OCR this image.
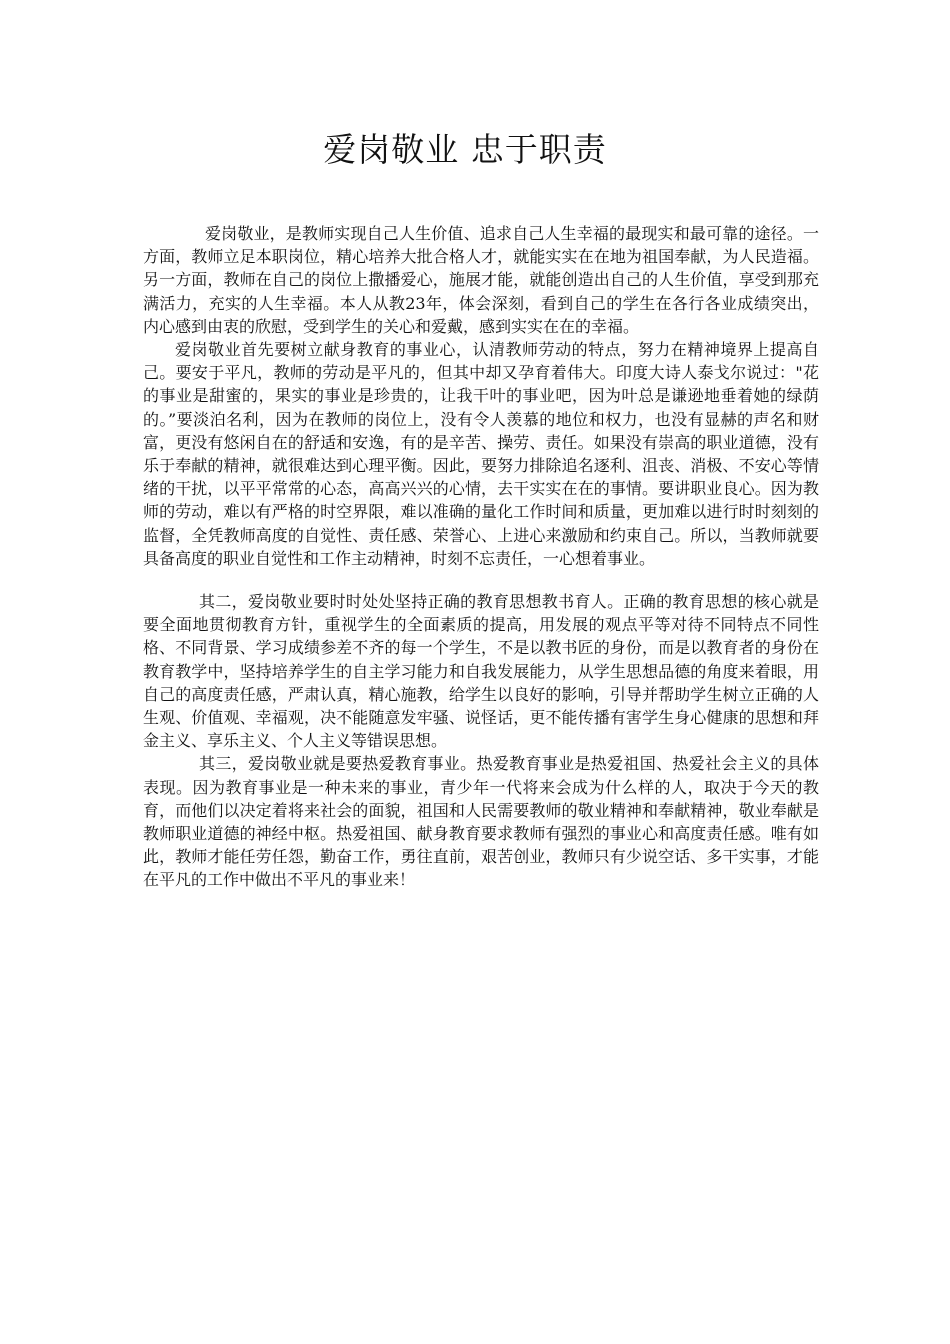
爱岗敬业 忠于职责

爱岗敬业，是教师实现自己人生价值、追求自己人生幸福的最现实和最可靠的途径。一方面，教师立足本职岗位，精心培养大批合格人才，就能实实在在地为祖国奉献，为人民造福。另一方面，教师在自己的岗位上撒播爱心，施展才能，就能创造出自己的人生价值，享受到那充满活力，充实的人生幸福。本人从教23年，体会深刻，看到自己的学生在各行各业成绩突出，内心感到由衷的欣慰，受到学生的关心和爱戴，感到实实在在的幸福。

爱岗敬业首先要树立献身教育的事业心，认清教师劳动的特点，努力在精神境界上提高自己。要安于平凡，教师的劳动是平凡的，但其中却又孕育着伟大。印度大诗人泰戈尔说过："花的事业是甜蜜的，果实的事业是珍贵的，让我干叶的事业吧，因为叶总是谦逊地垂着她的绿荫的。”要淡泊名利，因为在教师的岗位上，没有令人羡慕的地位和权力，也没有显赫的声名和财富，更没有悠闲自在的舒适和安逸，有的是辛苦、操劳、责任。如果没有崇高的职业道德，没有乐于奉献的精神，就很难达到心理平衡。因此，要努力排除追名逐利、沮丧、消极、不安心等情绪的干扰，以平平常常的心态，高高兴兴的心情，去干实实在在的事情。要讲职业良心。因为教师的劳动，难以有严格的时空界限，难以准确的量化工作时间和质量，更加难以进行时时刻刻的监督，全凭教师高度的自觉性、责任感、荣誉心、上进心来激励和约束自己。所以，当教师就要具备高度的职业自觉性和工作主动精神，时刻不忘责任，一心想着事业。

其二，爱岗敬业要时时处处坚持正确的教育思想教书育人。正确的教育思想的核心就是要全面地贯彻教育方针，重视学生的全面素质的提高，用发展的观点平等对待不同特点不同性格、不同背景、学习成绩参差不齐的每一个学生，不是以教书匠的身份，而是以教育者的身份在教育教学中，坚持培养学生的自主学习能力和自我发展能力，从学生思想品德的角度来着眼，用自己的高度责任感，严肃认真，精心施教，给学生以良好的影响，引导并帮助学生树立正确的人生观、价值观、幸福观，决不能随意发牢骚、说怪话，更不能传播有害学生身心健康的思想和拜金主义、享乐主义、个人主义等错误思想。

其三，爱岗敬业就是要热爱教育事业。热爱教育事业是热爱祖国、热爱社会主义的具体表现。因为教育事业是一种未来的事业，青少年一代将来会成为什么样的人，取决于今天的教育，而他们以决定着将来社会的面貌，祖国和人民需要教师的敬业精神和奉献精神，敬业奉献是教师职业道德的神经中枢。热爱祖国、献身教育要求教师有强烈的事业心和高度责任感。唯有如此，教师才能任劳任怨，勤奋工作，勇往直前，艰苦创业，教师只有少说空话、多干实事，才能在平凡的工作中做出不平凡的事业来！
